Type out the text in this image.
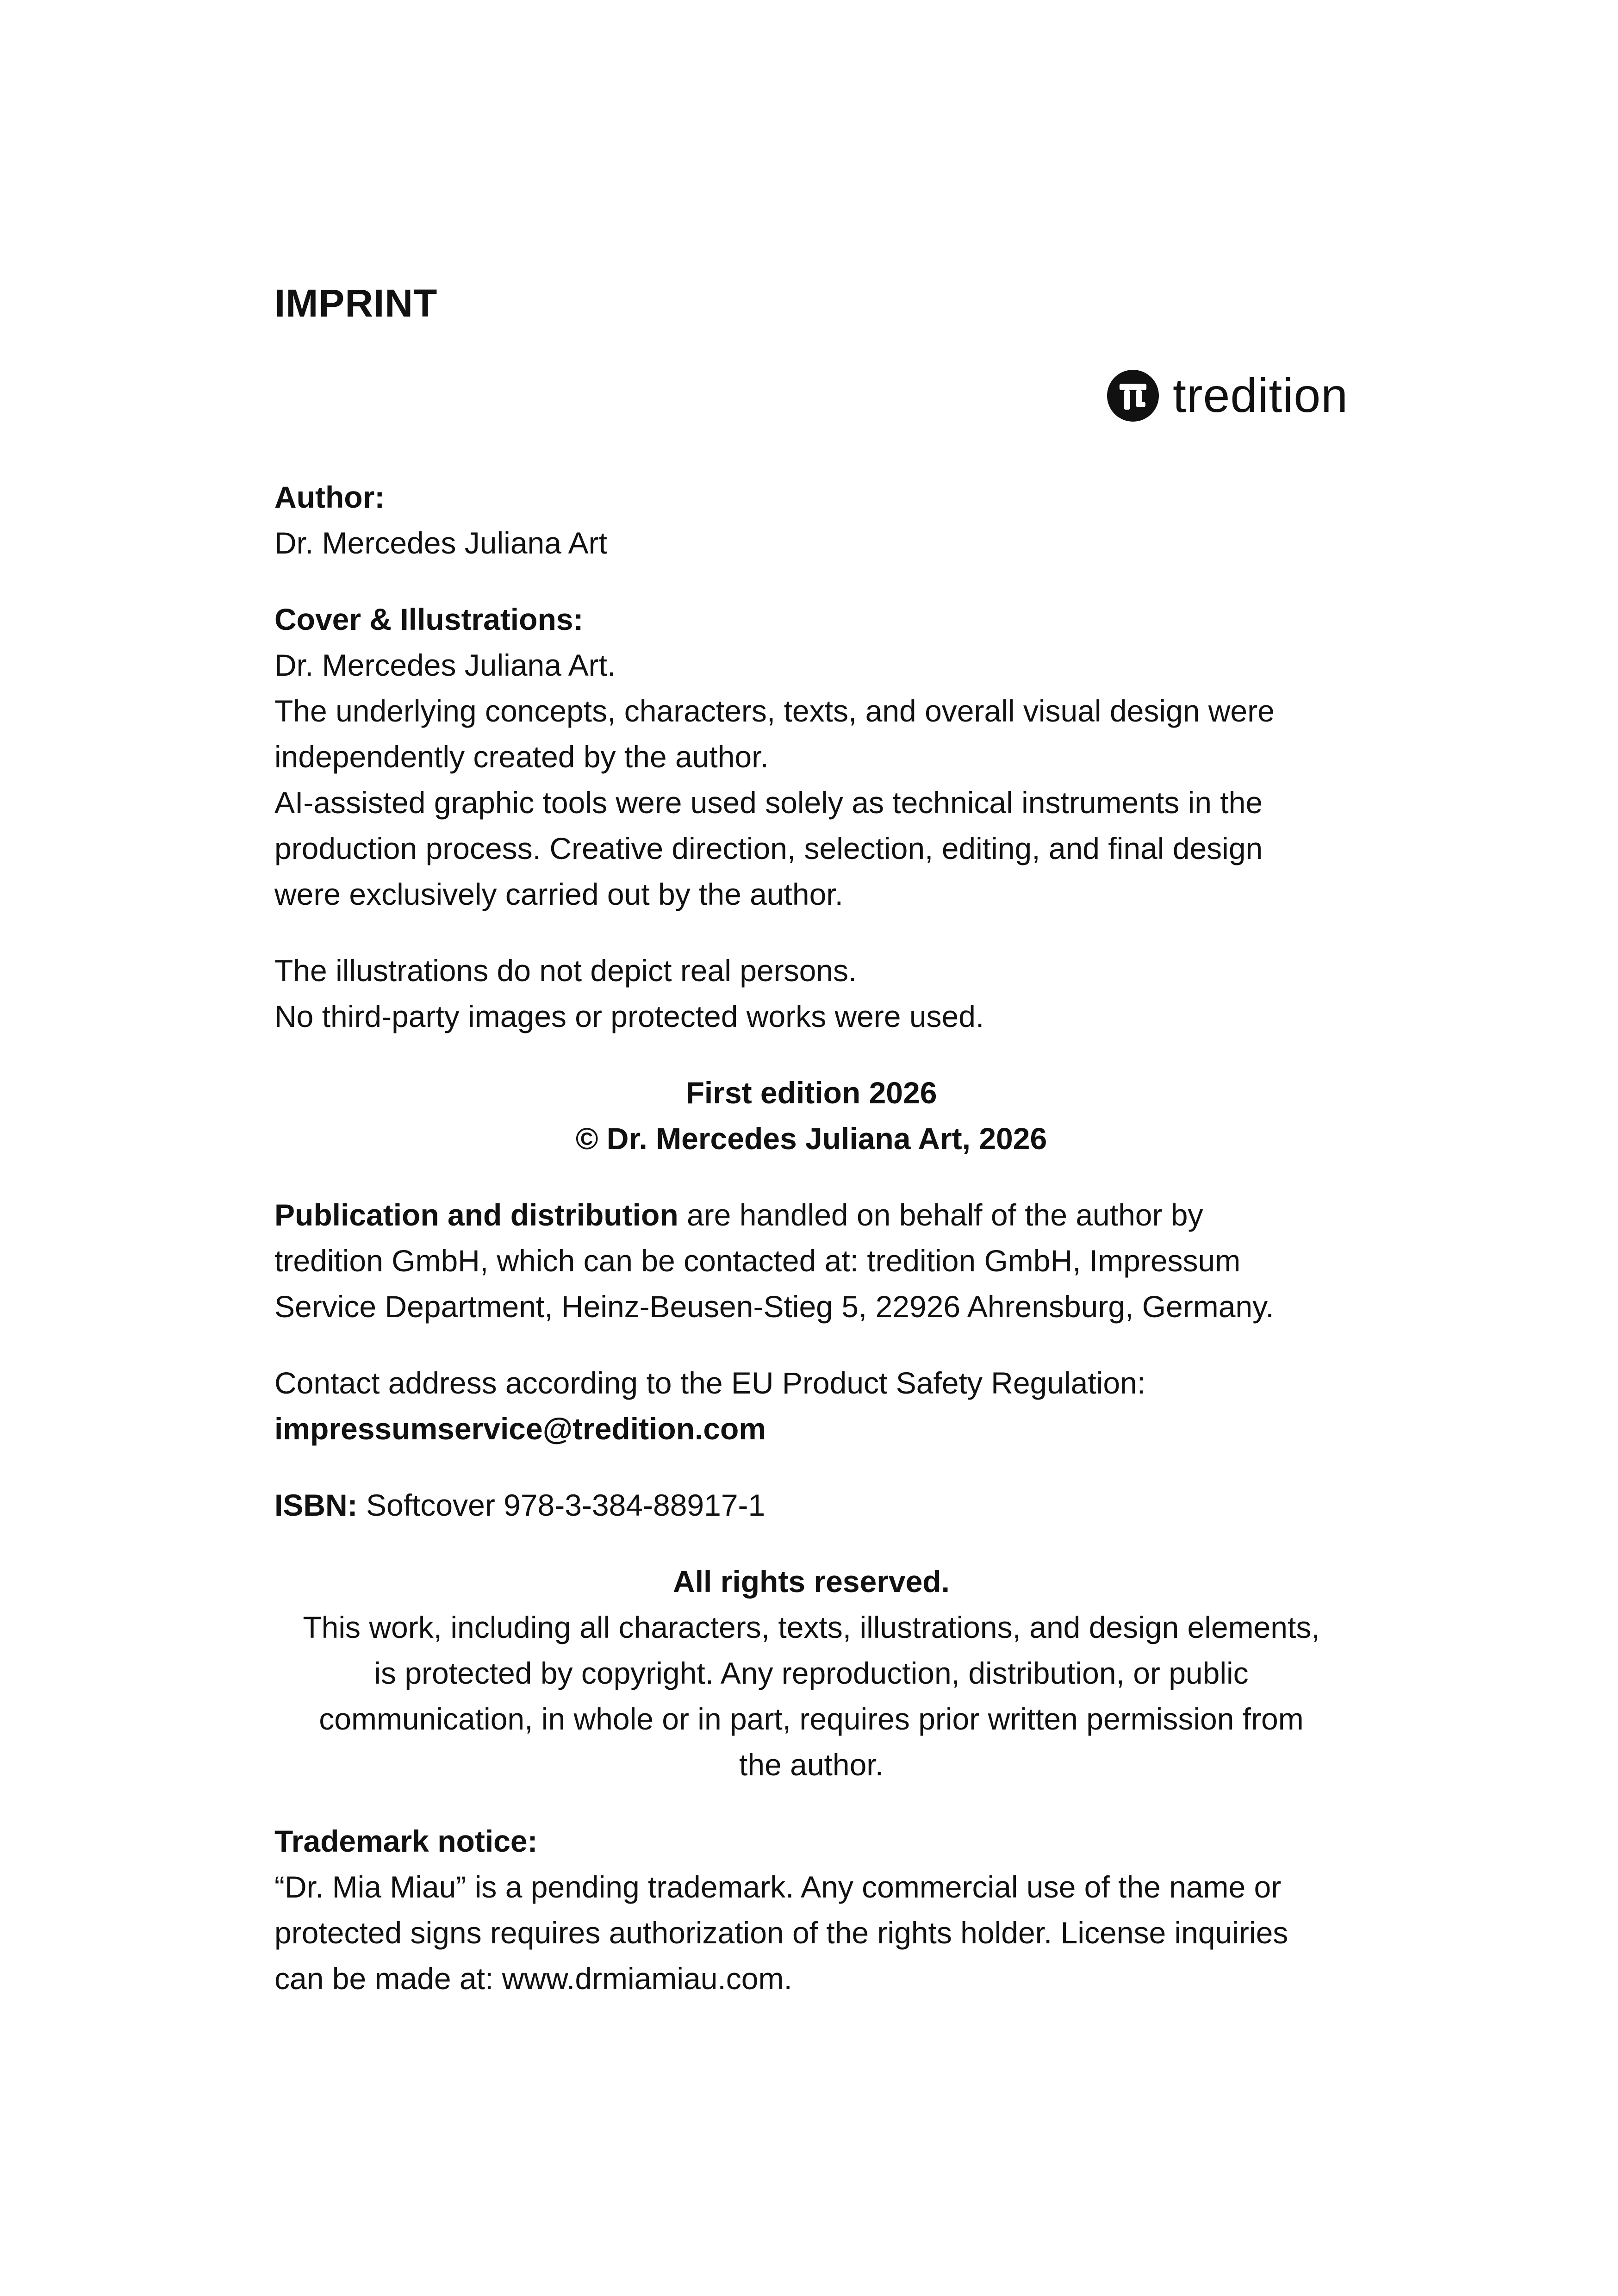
IMPRINT
tredition
Author:
Dr. Mercedes Juliana Art
Cover & Illustrations:
Dr. Mercedes Juliana Art.
The underlying concepts, characters, texts, and overall visual design were
independently created by the author.
AI-assisted graphic tools were used solely as technical instruments in the
production process. Creative direction, selection, editing, and final design
were exclusively carried out by the author.
The illustrations do not depict real persons.
No third-party images or protected works were used.
First edition 2026
© Dr. Mercedes Juliana Art, 2026
Publication and distribution are handled on behalf of the author by
tredition GmbH, which can be contacted at: tredition GmbH, Impressum
Service Department, Heinz-Beusen-Stieg 5, 22926 Ahrensburg, Germany.
Contact address according to the EU Product Safety Regulation:
impressumservice@tredition.com
ISBN: Softcover 978-3-384-88917-1
All rights reserved.
This work, including all characters, texts, illustrations, and design elements,
is protected by copyright. Any reproduction, distribution, or public
communication, in whole or in part, requires prior written permission from
the author.
Trademark notice:
“Dr. Mia Miau” is a pending trademark. Any commercial use of the name or
protected signs requires authorization of the rights holder. License inquiries
can be made at: www.drmiamiau.com.
